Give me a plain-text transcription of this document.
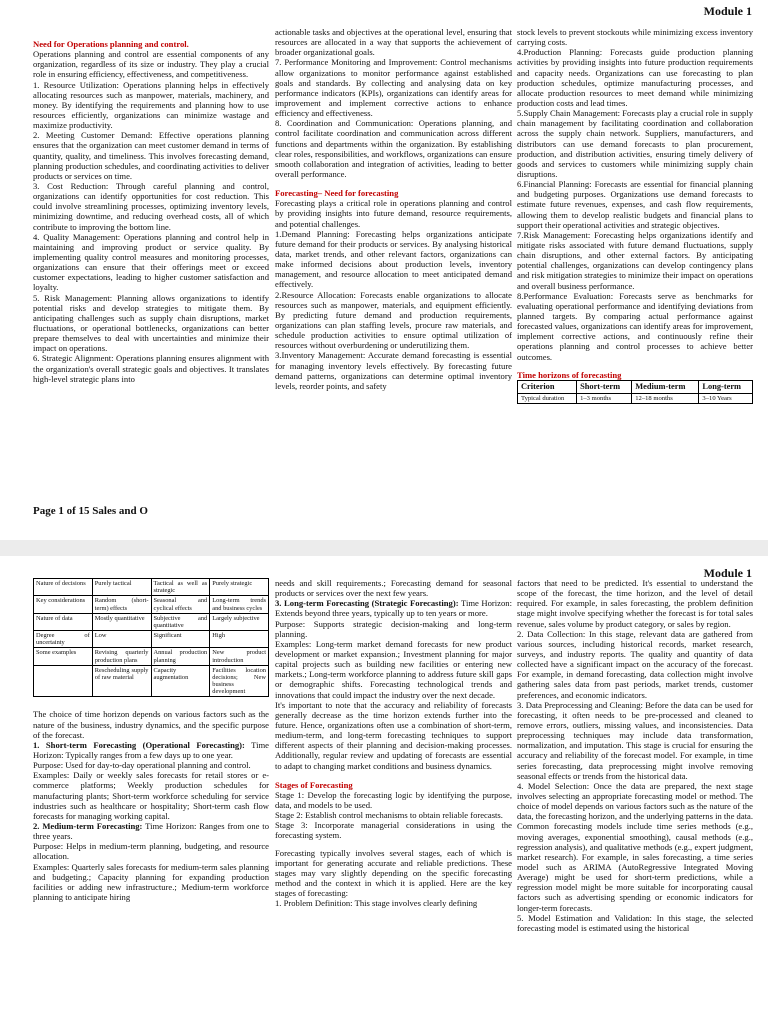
Module 1

Need for Operations planning and control.

Operations planning and control are essential components of any organization, regardless of its size or industry. They play a crucial role in ensuring efficiency, effectiveness, and competitiveness.

1. Resource Utilization: Operations planning helps in effectively allocating resources such as manpower, materials, machinery, and money. By identifying the requirements and planning how to use resources efficiently, organizations can minimize wastage and maximize productivity.

2. Meeting Customer Demand: Effective operations planning ensures that the organization can meet customer demand in terms of quantity, quality, and timeliness. This involves forecasting demand, planning production schedules, and coordinating activities to deliver products or services on time.

3. Cost Reduction: Through careful planning and control, organizations can identify opportunities for cost reduction. This could involve streamlining processes, optimizing inventory levels, minimizing downtime, and reducing overhead costs, all of which contribute to improving the bottom line.

4. Quality Management: Operations planning and control help in maintaining and improving product or service quality. By implementing quality control measures and monitoring processes, organizations can ensure that their offerings meet or exceed customer expectations, leading to higher customer satisfaction and loyalty.

5. Risk Management: Planning allows organizations to identify potential risks and develop strategies to mitigate them. By anticipating challenges such as supply chain disruptions, market fluctuations, or operational bottlenecks, organizations can better prepare themselves to deal with uncertainties and minimize their impact on operations.

6. Strategic Alignment: Operations planning ensures alignment with the organization's overall strategic goals and objectives. It translates high-level strategic plans into

actionable tasks and objectives at the operational level, ensuring that resources are allocated in a way that supports the achievement of broader organizational goals.

7. Performance Monitoring and Improvement: Control mechanisms allow organizations to monitor performance against established goals and standards. By collecting and analysing data on key performance indicators (KPIs), organizations can identify areas for improvement and implement corrective actions to enhance efficiency and effectiveness.

8. Coordination and Communication: Operations planning, and control facilitate coordination and communication across different functions and departments within the organization. By establishing clear roles, responsibilities, and workflows, organizations can ensure smooth collaboration and integration of activities, leading to better overall performance.

Forecasting– Need for forecasting

Forecasting plays a critical role in operations planning and control by providing insights into future demand, resource requirements, and potential challenges.

1.Demand Planning: Forecasting helps organizations anticipate future demand for their products or services. By analysing historical data, market trends, and other relevant factors, organizations can make informed decisions about production levels, inventory management, and resource allocation to meet anticipated demand effectively.

2.Resource Allocation: Forecasts enable organizations to allocate resources such as manpower, materials, and equipment efficiently. By predicting future demand and production requirements, organizations can plan staffing levels, procure raw materials, and schedule production activities to ensure optimal utilization of resources without overburdening or underutilizing them.

3.Inventory Management: Accurate demand forecasting is essential for managing inventory levels effectively. By forecasting future demand patterns, organizations can determine optimal inventory levels, reorder points, and safety

stock levels to prevent stockouts while minimizing excess inventory carrying costs.

4.Production Planning: Forecasts guide production planning activities by providing insights into future production requirements and capacity needs. Organizations can use forecasting to plan production schedules, optimize manufacturing processes, and allocate production resources to meet demand while minimizing production costs and lead times.

5.Supply Chain Management: Forecasts play a crucial role in supply chain management by facilitating coordination and collaboration across the supply chain network. Suppliers, manufacturers, and distributors can use demand forecasts to plan procurement, production, and distribution activities, ensuring timely delivery of goods and services to customers while minimizing supply chain disruptions.

6.Financial Planning: Forecasts are essential for financial planning and budgeting purposes. Organizations use demand forecasts to estimate future revenues, expenses, and cash flow requirements, allowing them to develop realistic budgets and financial plans to support their operational activities and strategic objectives.

7.Risk Management: Forecasting helps organizations identify and mitigate risks associated with future demand fluctuations, supply chain disruptions, and other external factors. By anticipating potential challenges, organizations can develop contingency plans and risk mitigation strategies to minimize their impact on operations and overall business performance.

8.Performance Evaluation: Forecasts serve as benchmarks for evaluating operational performance and identifying deviations from planned targets. By comparing actual performance against forecasted values, organizations can identify areas for improvement, implement corrective actions, and continuously refine their operations planning and control processes to achieve better outcomes.

Time horizons of forecasting

Criterion	Short-term	Medium-term	Long-term
Typical duration	1–3 months	12–18 months	3–10 Years
Page 1 of 15 Sales and O
Module 1
Nature of decisions	Purely tactical	Tactical as well as strategic	Purely strategic
Key considerations	Random (short-term) effects	Seasonal and cyclical effects	Long-term trends and business cycles
Nature of data	Mostly quantitative	Subjective and quantitative	Largely subjective
Degree of uncertainty	Low	Significant	High
Some examples	Revising quarterly production plans	Annual production planning	New product introduction
	Rescheduling supply of raw material	Capacity augmentation	Facilities location decisions; New business development

The choice of time horizon depends on various factors such as the nature of the business, industry dynamics, and the specific purpose of the forecast.

1. Short-term Forecasting (Operational Forecasting): Time Horizon: Typically ranges from a few days up to one year.

Purpose: Used for day-to-day operational planning and control.

Examples: Daily or weekly sales forecasts for retail stores or e-commerce platforms; Weekly production schedules for manufacturing plants; Short-term workforce scheduling for service industries such as healthcare or hospitality; Short-term cash flow forecasts for managing working capital.

2. Medium-term Forecasting: Time Horizon: Ranges from one to three years.

Purpose: Helps in medium-term planning, budgeting, and resource allocation.

Examples: Quarterly sales forecasts for medium-term sales planning and budgeting.; Capacity planning for expanding production facilities or adding new infrastructure.; Medium-term workforce planning to anticipate hiring

needs and skill requirements.; Forecasting demand for seasonal products or services over the next few years.

3. Long-term Forecasting (Strategic Forecasting): Time Horizon: Extends beyond three years, typically up to ten years or more.

Purpose: Supports strategic decision-making and long-term planning.

Examples: Long-term market demand forecasts for new product development or market expansion.; Investment planning for major capital projects such as building new facilities or entering new markets.; Long-term workforce planning to address future skill gaps or demographic shifts. Forecasting technological trends and innovations that could impact the industry over the next decade.

It's important to note that the accuracy and reliability of forecasts generally decrease as the time horizon extends further into the future. Hence, organizations often use a combination of short-term, medium-term, and long-term forecasting techniques to support different aspects of their planning and decision-making processes. Additionally, regular review and updating of forecasts are essential to adapt to changing market conditions and business dynamics.

Stages of Forecasting

Stage 1: Develop the forecasting logic by identifying the purpose, data, and models to be used.

Stage 2: Establish control mechanisms to obtain reliable forecasts.

Stage 3: Incorporate managerial considerations in using the forecasting system.

Forecasting typically involves several stages, each of which is important for generating accurate and reliable predictions. These stages may vary slightly depending on the specific forecasting method and the context in which it is applied. Here are the key stages of forecasting:

1. Problem Definition: This stage involves clearly defining

factors that need to be predicted. It's essential to understand the scope of the forecast, the time horizon, and the level of detail required. For example, in sales forecasting, the problem definition stage might involve specifying whether the forecast is for total sales revenue, sales volume by product category, or sales by region.

2. Data Collection: In this stage, relevant data are gathered from various sources, including historical records, market research, surveys, and industry reports. The quality and quantity of data collected have a significant impact on the accuracy of the forecast. For example, in demand forecasting, data collection might involve gathering sales data from past periods, market trends, customer preferences, and economic indicators.

3. Data Preprocessing and Cleaning: Before the data can be used for forecasting, it often needs to be pre-processed and cleaned to remove errors, outliers, missing values, and inconsistencies. Data preprocessing techniques may include data transformation, normalization, and imputation. This stage is crucial for ensuring the accuracy and reliability of the forecast model. For example, in time series forecasting, data preprocessing might involve removing seasonal effects or trends from the historical data.

4. Model Selection: Once the data are prepared, the next stage involves selecting an appropriate forecasting model or method. The choice of model depends on various factors such as the nature of the data, the forecasting horizon, and the underlying patterns in the data. Common forecasting models include time series methods (e.g., moving averages, exponential smoothing), causal methods (e.g., regression analysis), and qualitative methods (e.g., expert judgment, market research). For example, in sales forecasting, a time series model such as ARIMA (AutoRegressive Integrated Moving Average) might be used for short-term predictions, while a regression model might be more suitable for incorporating causal factors such as advertising spending or economic indicators for longer-term forecasts.

5. Model Estimation and Validation: In this stage, the selected forecasting model is estimated using the historical
